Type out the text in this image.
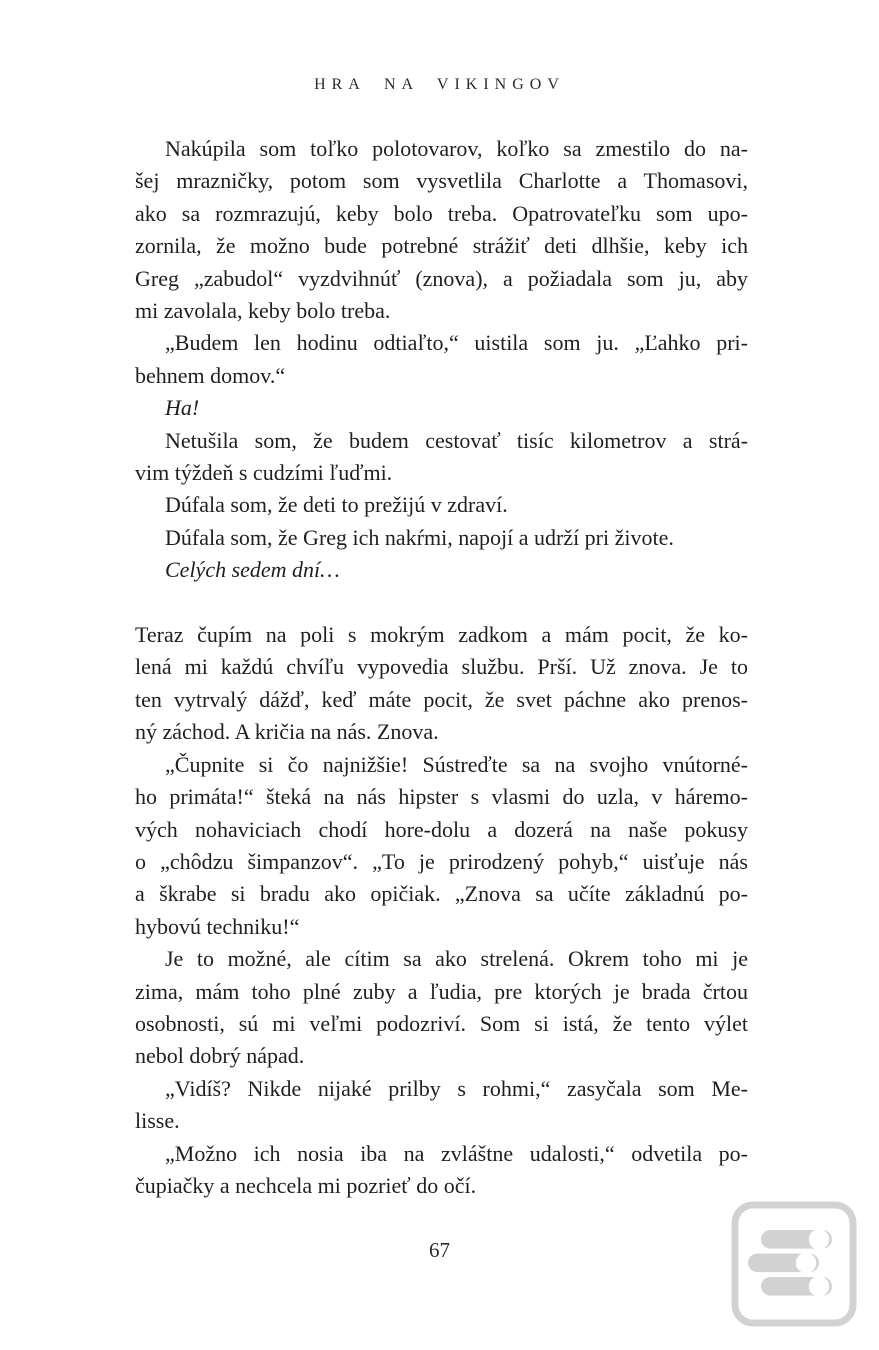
HRA NA VIKINGOV
Nakúpila som toľko polotovarov, koľko sa zmestilo do na-
šej mrazničky, potom som vysvetlila Charlotte a Thomasovi,
ako sa rozmrazujú, keby bolo treba. Opatrovateľku som upo-
zornila, že možno bude potrebné strážiť deti dlhšie, keby ich
Greg „zabudol“ vyzdvihnúť (znova), a požiadala som ju, aby
mi zavolala, keby bolo treba.
„Budem len hodinu odtiaľto,“ uistila som ju. „Ľahko pri-
behnem domov.“
Ha!
Netušila som, že budem cestovať tisíc kilometrov a strá-
vim týždeň s cudzími ľuďmi.
Dúfala som, že deti to prežijú v zdraví.
Dúfala som, že Greg ich nakŕmi, napojí a udrží pri živote.
Celých sedem dní…
Teraz čupím na poli s mokrým zadkom a mám pocit, že ko-
lená mi každú chvíľu vypovedia službu. Prší. Už znova. Je to
ten vytrvalý dážď, keď máte pocit, že svet páchne ako prenos-
ný záchod. A kričia na nás. Znova.
„Čupnite si čo najnižšie! Sústreďte sa na svojho vnútorné-
ho primáta!“ šteká na nás hipster s vlasmi do uzla, v háremo-
vých nohaviciach chodí hore-dolu a dozerá na naše pokusy
o „chôdzu šimpanzov“. „To je prirodzený pohyb,“ uisťuje nás
a škrabe si bradu ako opičiak. „Znova sa učíte základnú po-
hybovú techniku!“
Je to možné, ale cítim sa ako strelená. Okrem toho mi je
zima, mám toho plné zuby a ľudia, pre ktorých je brada črtou
osobnosti, sú mi veľmi podozriví. Som si istá, že tento výlet
nebol dobrý nápad.
„Vidíš? Nikde nijaké prilby s rohmi,“ zasyčala som Me-
lisse.
„Možno ich nosia iba na zvláštne udalosti,“ odvetila po-
čupiačky a nechcela mi pozrieť do očí.
67
